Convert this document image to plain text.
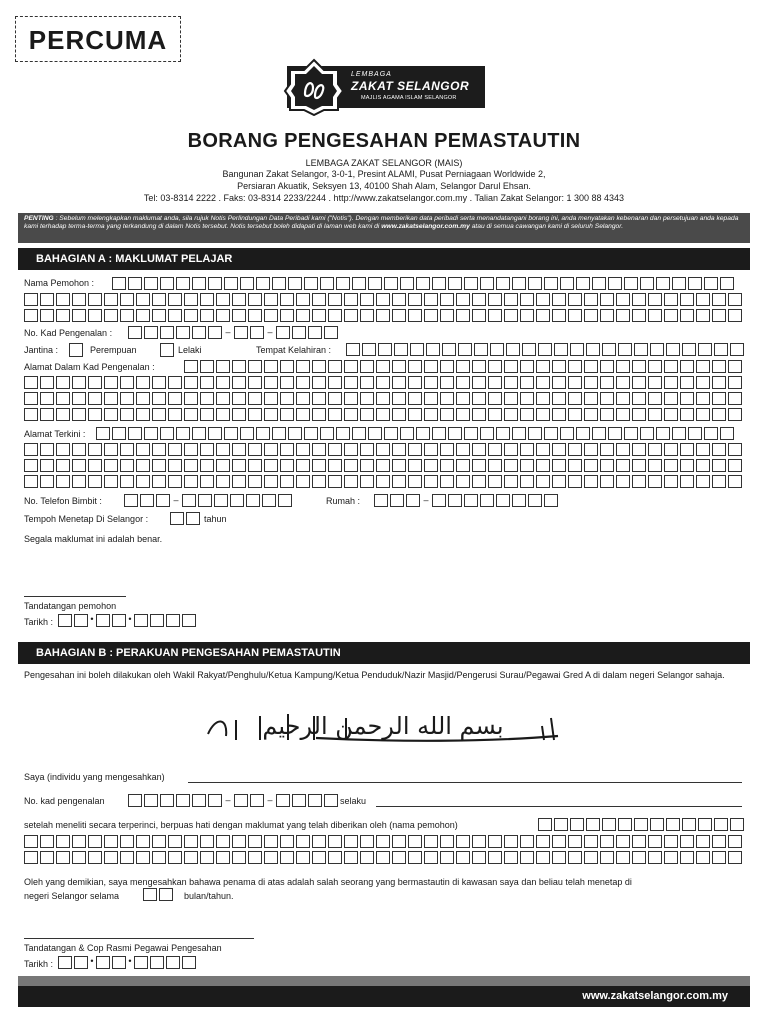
PERCUMA
LEMBAGA
ZAKAT SELANGOR
MAJLIS AGAMA ISLAM SELANGOR
BORANG PENGESAHAN PEMASTAUTIN
LEMBAGA ZAKAT SELANGOR (MAIS)
Bangunan Zakat Selangor, 3-0-1, Presint ALAMI, Pusat Perniagaan Worldwide 2,
Persiaran Akuatik, Seksyen 13, 40100 Shah Alam, Selangor Darul Ehsan.
Tel: 03-8314 2222 . Faks: 03-8314 2233/2244 . http://www.zakatselangor.com.my . Talian Zakat Selangor: 1 300 88 4343
PENTING : Sebelum melengkapkan maklumat anda, sila rujuk Notis Perlindungan Data Peribadi kami ("Notis"). Dengan memberikan data peribadi serta menandatangani borang ini, anda menyatakan kebenaran dan persetujuan anda kepada kami terhadap terma-terma yang terkandung di dalam Notis tersebut. Notis tersebut boleh didapati di laman web kami di www.zakatselangor.com.my atau di semua cawangan kami di seluruh Selangor.
BAHAGIAN A : MAKLUMAT PELAJAR
Nama Pemohon :
No. Kad Pengenalan :	–	–
Jantina :	Perempuan	Lelaki	Tempat Kelahiran :
Alamat Dalam Kad Pengenalan :
Alamat Terkini :
No. Telefon Bimbit :	–	Rumah :	–
Tempoh Menetap Di Selangor :	tahun
Segala maklumat ini adalah benar.
Tandatangan pemohon
Tarikh :	•	•
BAHAGIAN B : PERAKUAN PENGESAHAN PEMASTAUTIN
Pengesahan ini boleh dilakukan oleh Wakil Rakyat/Penghulu/Ketua Kampung/Ketua Penduduk/Nazir Masjid/Pengerusi Surau/Pegawai Gred A di dalam negeri Selangor sahaja.
بسم الله الرحمن الرحيم
Saya (individu yang mengesahkan)
No. kad pengenalan	–	–	selaku
setelah meneliti secara terperinci, berpuas hati dengan maklumat yang telah diberikan oleh (nama pemohon)
Oleh yang demikian, saya mengesahkan bahawa penama di atas adalah salah seorang yang bermastautin di kawasan saya dan beliau telah menetap di
negeri Selangor selama	bulan/tahun.
Tandatangan & Cop Rasmi Pegawai Pengesahan
Tarikh :	•	•
www.zakatselangor.com.my
